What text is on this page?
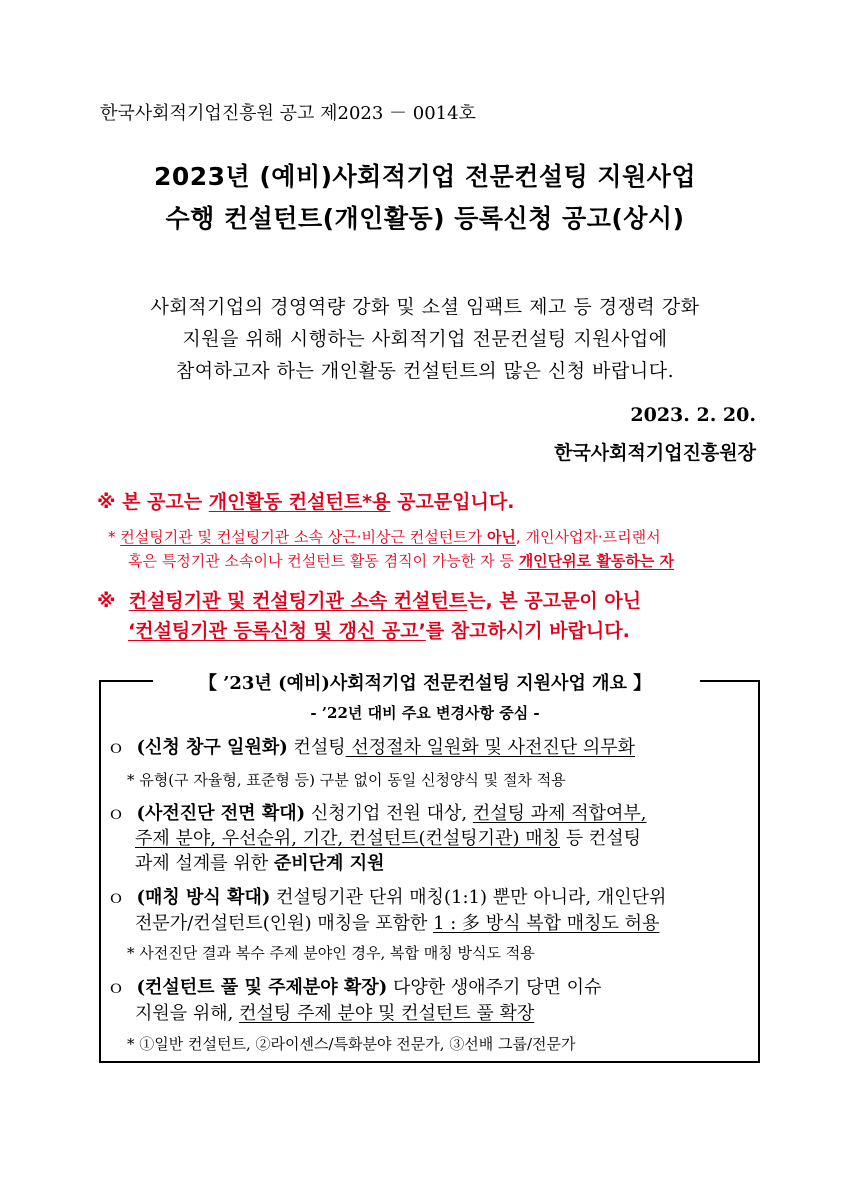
한국사회적기업진흥원 공고 제2023 － 0014호
2023년 (예비)사회적기업 전문컨설팅 지원사업
수행 컨설턴트(개인활동) 등록신청 공고(상시)
사회적기업의 경영역량 강화 및 소셜 임팩트 제고 등 경쟁력 강화
지원을 위해 시행하는 사회적기업 전문컨설팅 지원사업에
참여하고자 하는 개인활동 컨설턴트의 많은 신청 바랍니다.
2023. 2. 20.
한국사회적기업진흥원장
※ 본 공고는 개인활동 컨설턴트*용 공고문입니다.
* 컨설팅기관 및 컨설팅기관 소속 상근·비상근 컨설턴트가 아닌, 개인사업자·프리랜서
혹은 특정기관 소속이나 컨설턴트 활동 겸직이 가능한 자 등 개인단위로 활동하는 자
※ 컨설팅기관 및 컨설팅기관 소속 컨설턴트는, 본 공고문이 아닌
‘컨설팅기관 등록신청 및 갱신 공고’를 참고하시기 바랍니다.
【 ’23년 (예비)사회적기업 전문컨설팅 지원사업 개요 】
- ’22년 대비 주요 변경사항 중심 -
ｏ (신청 창구 일원화) 컨설팅 선정절차 일원화 및 사전진단 의무화
* 유형(구 자율형, 표준형 등) 구분 없이 동일 신청양식 및 절차 적용
ｏ (사전진단 전면 확대) 신청기업 전원 대상, 컨설팅 과제 적합여부,
주제 분야, 우선순위, 기간, 컨설턴트(컨설팅기관) 매칭 등 컨설팅
과제 설계를 위한 준비단계 지원
ｏ (매칭 방식 확대) 컨설팅기관 단위 매칭(1:1) 뿐만 아니라, 개인단위
전문가/컨설턴트(인원) 매칭을 포함한 1 : 多 방식 복합 매칭도 허용
* 사전진단 결과 복수 주제 분야인 경우, 복합 매칭 방식도 적용
ｏ (컨설턴트 풀 및 주제분야 확장) 다양한 생애주기 당면 이슈
지원을 위해, 컨설팅 주제 분야 및 컨설턴트 풀 확장
* ①일반 컨설턴트, ②라이센스/특화분야 전문가, ③선배 그룹/전문가
